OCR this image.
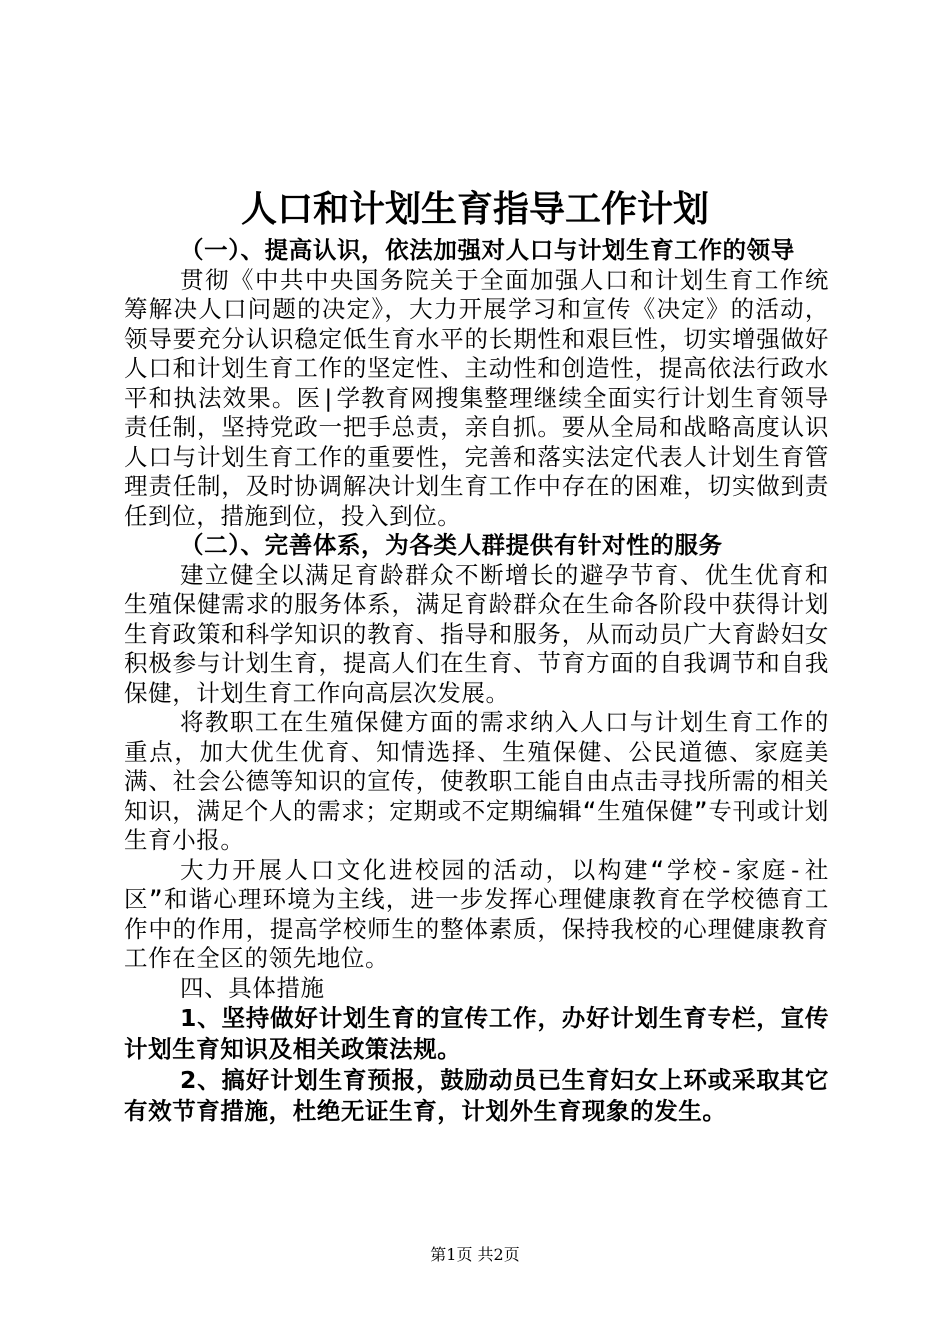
人口和计划生育指导工作计划

（一）、提高认识，依法加强对人口与计划生育工作的领导

贯彻《中共中央国务院关于全面加强人口和计划生育工作统筹解决人口问题的决定》，大力开展学习和宣传《决定》的活动，领导要充分认识稳定低生育水平的长期性和艰巨性，切实增强做好人口和计划生育工作的坚定性、主动性和创造性，提高依法行政水平和执法效果。医|学教育网搜集整理继续全面实行计划生育领导责任制，坚持党政一把手总责，亲自抓。要从全局和战略高度认识人口与计划生育工作的重要性，完善和落实法定代表人计划生育管理责任制，及时协调解决计划生育工作中存在的困难，切实做到责任到位，措施到位，投入到位。

（二）、完善体系，为各类人群提供有针对性的服务

建立健全以满足育龄群众不断增长的避孕节育、优生优育和生殖保健需求的服务体系，满足育龄群众在生命各阶段中获得计划生育政策和科学知识的教育、指导和服务，从而动员广大育龄妇女积极参与计划生育，提高人们在生育、节育方面的自我调节和自我保健，计划生育工作向高层次发展。

将教职工在生殖保健方面的需求纳入人口与计划生育工作的重点，加大优生优育、知情选择、生殖保健、公民道德、家庭美满、社会公德等知识的宣传，使教职工能自由点击寻找所需的相关知识，满足个人的需求；定期或不定期编辑“生殖保健”专刊或计划生育小报。

大力开展人口文化进校园的活动，以构建“学校-家庭-社区”和谐心理环境为主线，进一步发挥心理健康教育在学校德育工作中的作用，提高学校师生的整体素质，保持我校的心理健康教育工作在全区的领先地位。

四、具体措施

1、坚持做好计划生育的宣传工作，办好计划生育专栏，宣传计划生育知识及相关政策法规。

2、搞好计划生育预报，鼓励动员已生育妇女上环或采取其它有效节育措施，杜绝无证生育，计划外生育现象的发生。

第1页 共2页
